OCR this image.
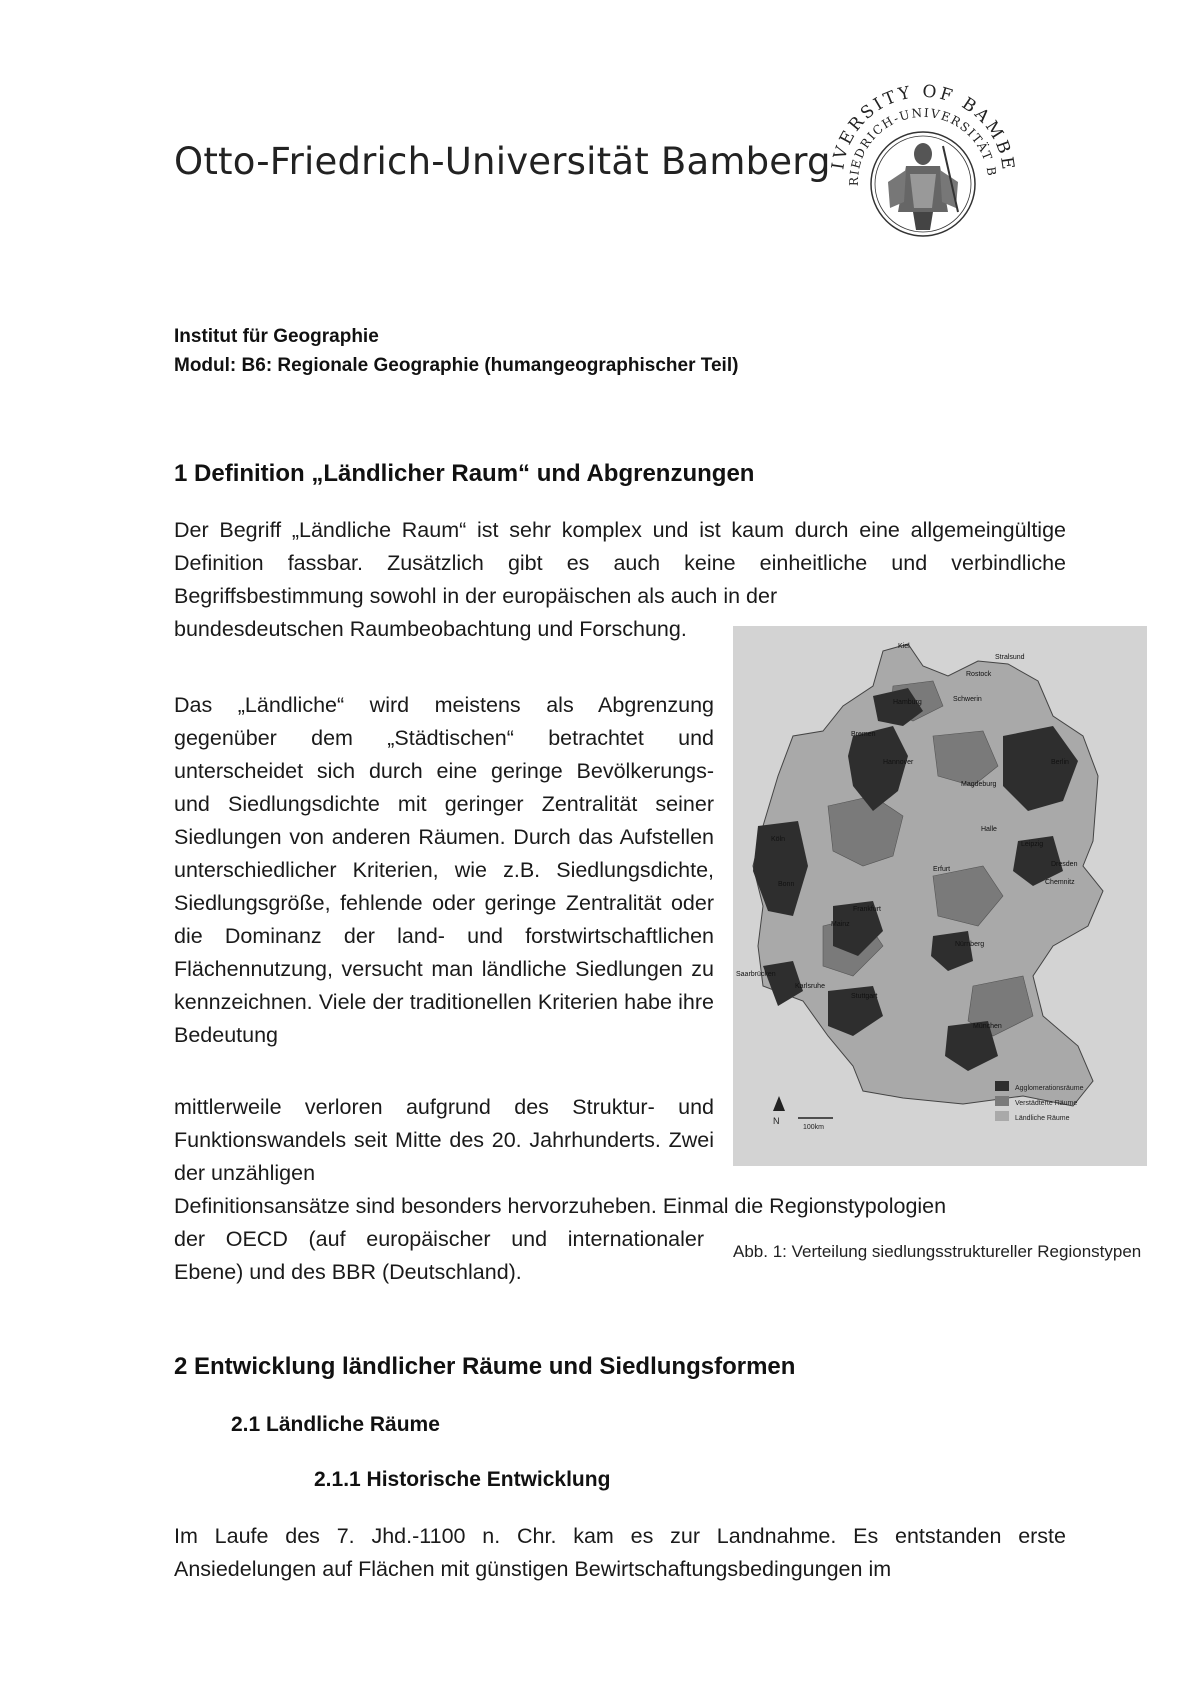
Otto-Friedrich-Universität Bamberg
IVERSITY OF BAMBE
RIEDRICH-UNIVERSITÄT B
Institut für Geographie
Modul: B6: Regionale Geographie (humangeographischer Teil)
1 Definition „Ländlicher Raum“ und Abgrenzungen

Der Begriff „Ländliche Raum“ ist sehr komplex und ist kaum durch eine allgemeingültige Definition fassbar. Zusätzlich gibt es auch keine einheitliche und verbindliche Begriffsbestimmung sowohl in der europäischen als auch in der

bundesdeutschen Raumbeobachtung und Forschung.

Das „Ländliche“ wird meistens als Abgrenzung gegenüber dem „Städtischen“ betrachtet und unterscheidet sich durch eine geringe Bevölkerungs- und Siedlungsdichte mit geringer Zentralität seiner Siedlungen von anderen Räumen. Durch das Aufstellen unterschiedlicher Kriterien, wie z.B. Siedlungsdichte, Siedlungsgröße, fehlende oder geringe Zentralität oder die Dominanz der land- und forstwirtschaftlichen Flächennutzung, versucht man ländliche Siedlungen zu kennzeichnen. Viele der traditionellen Kriterien habe ihre Bedeutung

mittlerweile verloren aufgrund des Struktur- und Funktionswandels seit Mitte des 20. Jahrhunderts. Zwei der unzähligen

Definitionsansätze sind besonders hervorzuheben. Einmal die Regionstypologien

der OECD (auf europäischer und internationaler Ebene) und des BBR (Deutschland).

Agglomerationsräume
Verstädterte Räume
Ländliche Räume
N
100km
Kiel
Stralsund
Rostock
Hamburg	Schwerin
Bremen
Hannover	Berlin
Magdeburg
Halle
Leipzig
Dresden
Chemnitz
Erfurt
Köln
Bonn
Frankfurt
Mainz
Nürnberg
Saarbrücken
Karlsruhe
Stuttgart
München
Abb. 1: Verteilung siedlungsstruktureller Regionstypen
2 Entwicklung ländlicher Räume und Siedlungsformen
2.1 Ländliche Räume
2.1.1 Historische Entwicklung

Im Laufe des 7. Jhd.-1100 n. Chr. kam es zur Landnahme. Es entstanden erste Ansiedelungen auf Flächen mit günstigen Bewirtschaftungsbedingungen im
